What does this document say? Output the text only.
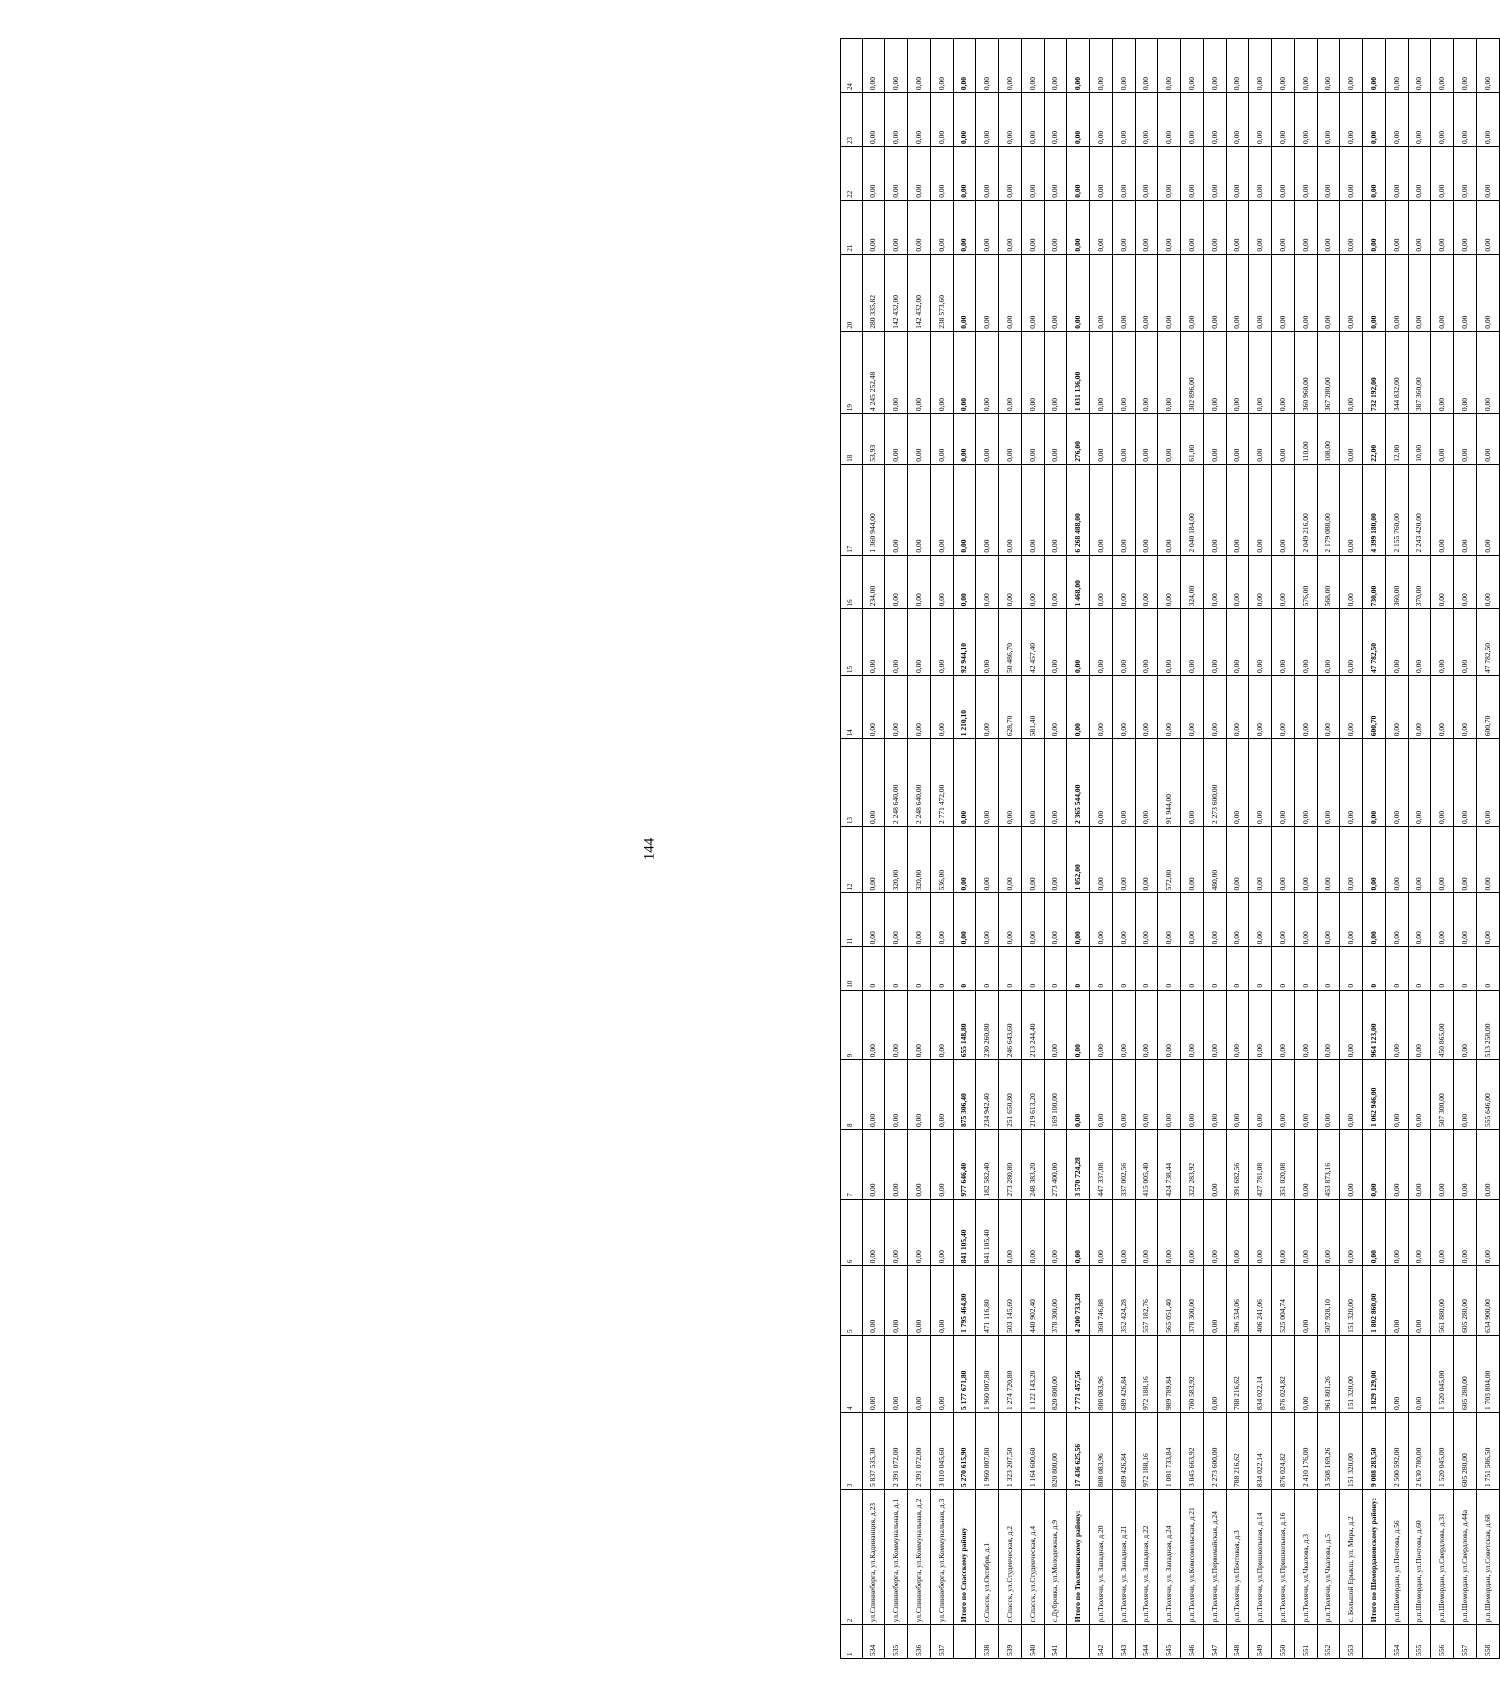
144
1	2	3	4	5	6	7	8	9	10	11	12	13	14	15	16	17	18	19	20	21	22	23	24
534	ул.Спиннеберга, ул.Кадинанция, д.23	5 837 535,30	0,00	0,00	0,00	0,00	0,00	0,00	0	0,00	0,00	0,00	0,00	0,00	234,00	1 360 944,00	53,93	4 245 252,48	280 335,82	0,00	0,00	0,00	0,00
535	ул.Спиннеберга, ул.Коммунальная, д.1	2 391 072,00	0,00	0,00	0,00	0,00	0,00	0,00	0	0,00	320,00	2 248 640,00	0,00	0,00	0,00	0,00	0,00	0,00	142 432,00	0,00	0,00	0,00	0,00
536	ул.Спиннеберга, ул.Коммунальная, д.2	2 391 072,00	0,00	0,00	0,00	0,00	0,00	0,00	0	0,00	320,00	2 248 640,00	0,00	0,00	0,00	0,00	0,00	0,00	142 432,00	0,00	0,00	0,00	0,00
537	ул.Спиннеберга, ул.Коммунальная, д.3	3 010 045,60	0,00	0,00	0,00	0,00	0,00	0,00	0	0,00	536,00	2 771 472,00	0,00	0,00	0,00	0,00	0,00	0,00	238 573,60	0,00	0,00	0,00	0,00
	Итого по Спасскому району	5 270 615,90	5 177 671,80	1 795 464,80	841 105,40	977 646,40	875 306,40	655 148,80	0	0,00	0,00	0,00	1 210,10	92 944,10	0,00	0,00	0,00	0,00	0,00	0,00	0,00	0,00	0,00
538	г.Спасск, ул.Октября, д.1	1 960 007,80	1 960 007,80	471 116,80	841 105,40	182 582,40	234 942,40	230 260,80	0	0,00	0,00	0,00	0,00	0,00	0,00	0,00	0,00	0,00	0,00	0,00	0,00	0,00	0,00
539	г.Спасск, ул.Студенческая, д.2	1 323 207,50	1 274 720,80	503 145,60	0,00	273 280,80	251 650,80	246 643,60	0	0,00	0,00	0,00	628,70	50 486,70	0,00	0,00	0,00	0,00	0,00	0,00	0,00	0,00	0,00
540	г.Спасск, ул.Студенческая, д.4	1 164 600,60	1 122 143,20	440 902,40	0,00	248 383,20	219 613,20	213 244,40	0	0,00	0,00	0,00	581,40	42 457,40	0,00	0,00	0,00	0,00	0,00	0,00	0,00	0,00	0,00
541	с.Дубровка, ул.Молодежная, д.9	820 800,00	820 800,00	378 300,00	0,00	273 400,00	169 100,00	0,00	0	0,00	0,00	0,00	0,00	0,00	0,00	0,00	0,00	0,00	0,00	0,00	0,00	0,00	0,00
	Итого по Тюлячинскому району:	17 436 625,56	7 771 457,56	4 200 733,28	0,00	3 570 724,28	0,00	0,00	0	0,00	1 052,00	2 365 544,00	0,00	0,00	1 468,00	6 268 488,00	276,00	1 031 136,00	0,00	0,00	0,00	0,00	0,00
542	р.п.Тюлячи, ул. Западная, д.20	808 083,96	808 083,96	360 746,88	0,00	447 337,08	0,00	0,00	0	0,00	0,00	0,00	0,00	0,00	0,00	0,00	0,00	0,00	0,00	0,00	0,00	0,00	0,00
543	р.п.Тюлячи, ул. Западная, д.21	689 426,84	689 426,84	352 424,28	0,00	337 002,56	0,00	0,00	0	0,00	0,00	0,00	0,00	0,00	0,00	0,00	0,00	0,00	0,00	0,00	0,00	0,00	0,00
544	р.п.Тюлячи, ул. Западная, д.22	972 188,16	972 188,16	557 182,76	0,00	415 005,40	0,00	0,00	0	0,00	0,00	0,00	0,00	0,00	0,00	0,00	0,00	0,00	0,00	0,00	0,00	0,00	0,00
545	р.п.Тюлячи, ул. Западная, д.24	1 081 733,84	989 789,84	565 051,40	0,00	424 738,44	0,00	0,00	0	0,00	572,00	91 944,00	0,00	0,00	0,00	0,00	0,00	0,00	0,00	0,00	0,00	0,00	0,00
546	р.п.Тюлячи, ул.Комсомольская, д.21	3 045 663,92	700 583,92	378 300,00	0,00	322 283,92	0,00	0,00	0	0,00	0,00	0,00	0,00	0,00	324,00	2 040 184,00	61,00	302 896,00	0,00	0,00	0,00	0,00	0,00
547	р.п.Тюлячи, ул.Первомайская, д.24	2 273 600,00	0,00	0,00	0,00	0,00	0,00	0,00	0	0,00	480,00	2 273 600,00	0,00	0,00	0,00	0,00	0,00	0,00	0,00	0,00	0,00	0,00	0,00
548	р.п.Тюлячи, ул.Почтовая, д.3	788 216,62	788 216,62	396 534,06	0,00	391 682,56	0,00	0,00	0	0,00	0,00	0,00	0,00	0,00	0,00	0,00	0,00	0,00	0,00	0,00	0,00	0,00	0,00
549	р.п.Тюлячи, ул.Пришкольная, д.14	834 022,14	834 022,14	406 241,06	0,00	427 781,08	0,00	0,00	0	0,00	0,00	0,00	0,00	0,00	0,00	0,00	0,00	0,00	0,00	0,00	0,00	0,00	0,00
550	р.п.Тюлячи, ул.Пришкольная, д.16	876 024,82	876 024,82	525 004,74	0,00	351 020,08	0,00	0,00	0	0,00	0,00	0,00	0,00	0,00	0,00	0,00	0,00	0,00	0,00	0,00	0,00	0,00	0,00
551	р.п.Тюлячи, ул.Чкалова, д.3	2 410 176,00	0,00	0,00	0,00	0,00	0,00	0,00	0	0,00	0,00	0,00	0,00	0,00	576,00	2 049 216,00	110,00	360 960,00	0,00	0,00	0,00	0,00	0,00
552	р.п.Тюлячи, ул.Чкалова, д.5	3 508 169,26	961 801,26	507 928,10	0,00	453 873,16	0,00	0,00	0	0,00	0,00	0,00	0,00	0,00	568,00	2 179 088,00	108,00	367 280,00	0,00	0,00	0,00	0,00	0,00
553	с. Большой Ерыкш, ул. Мира, д.2	151 320,00	151 320,00	151 320,00	0,00	0,00	0,00	0,00	0	0,00	0,00	0,00	0,00	0,00	0,00	0,00	0,00	0,00	0,00	0,00	0,00	0,00	0,00
	Итого по Шемордановскому району:	9 008 283,50	3 829 129,00	1 802 860,00	0,00	0,00	1 062 946,00	964 123,00	0	0,00	0,00	0,00	600,70	47 782,50	730,00	4 399 180,00	22,00	732 192,00	0,00	0,00	0,00	0,00	0,00
554	р.п.Шемордан, ул.Почтова, д.56	2 500 592,00	0,00	0,00	0,00	0,00	0,00	0,00	0	0,00	0,00	0,00	0,00	0,00	360,00	2 155 760,00	12,00	344 832,00	0,00	0,00	0,00	0,00	0,00
555	р.п.Шемордан, ул.Почтова, д.60	2 630 780,00	0,00	0,00	0,00	0,00	0,00	0,00	0	0,00	0,00	0,00	0,00	0,00	370,00	2 243 420,00	10,00	387 360,00	0,00	0,00	0,00	0,00	0,00
556	р.п.Шемордан, ул.Свердлова, д.31	1 520 045,00	1 520 045,00	561 880,00	0,00	0,00	507 300,00	450 865,00	0	0,00	0,00	0,00	0,00	0,00	0,00	0,00	0,00	0,00	0,00	0,00	0,00	0,00	0,00
557	р.п.Шемордан, ул.Свердлова, д.44а	605 280,00	605 280,00	605 280,00	0,00	0,00	0,00	0,00	0	0,00	0,00	0,00	0,00	0,00	0,00	0,00	0,00	0,00	0,00	0,00	0,00	0,00	0,00
558	р.п.Шемордан, ул.Советская, д.68	1 751 586,50	1 703 804,00	634 900,00	0,00	0,00	555 646,00	513 258,00	0	0,00	0,00	0,00	600,70	47 782,50	0,00	0,00	0,00	0,00	0,00	0,00	0,00	0,00	0,00
